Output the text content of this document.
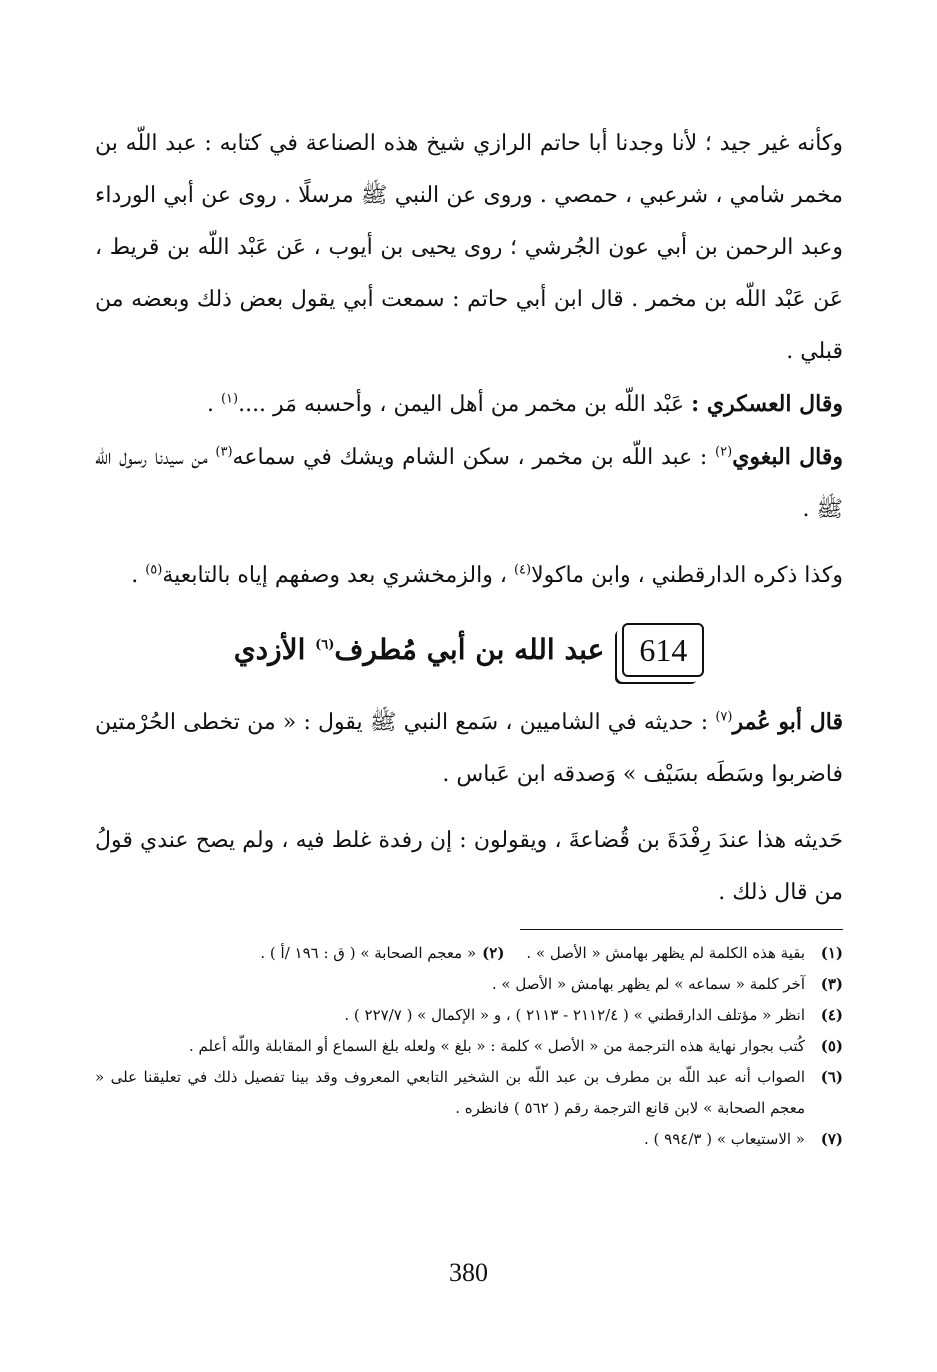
وكأنه غير جيد ؛ لأنا وجدنا أبا حاتم الرازي شيخ هذه الصناعة في كتابه : عبد اللّه بن مخمر شامي ، شرعبي ، حمصي . وروى عن النبي ﷺ مرسلًا . روى عن أبي الورداء وعبد الرحمن بن أبي عون الجُرشي ؛ روى يحيى بن أيوب ، عَن عَبْد اللّه بن قريط ، عَن عَبْد اللّه بن مخمر . قال ابن أبي حاتم : سمعت أبي يقول بعض ذلك وبعضه من قبلي .

وقال العسكري : عَبْد اللّه بن مخمر من أهل اليمن ، وأحسبه مَر ....$^{(١)}$ .

وقال البغوي$^{(٢)}$ : عبد اللّه بن مخمر ، سكن الشام ويشك في سماعه$^{(٣)}$ من سيدنا رسول اللّه ﷺ .

وكذا ذكره الدارقطني ، وابن ماكولا$^{(٤)}$ ، والزمخشري بعد وصفهم إياه بالتابعية$^{(٥)}$ .

614
عبد الله بن أبي مُطرف$^{(٦)}$ الأزدي

قال أبو عُمر$^{(٧)}$ : حديثه في الشاميين ، سَمع النبي ﷺ يقول : « من تخطى الحُرْمتين فاضربوا وسَطَه بسَيْف » وَصدقه ابن عَباس .

حَديثه هذا عندَ رِفْدَةَ بن قُضاعةَ ، ويقولون : إن رفدة غلط فيه ، ولم يصح عندي قولُ من قال ذلك .

(١)
بقية هذه الكلمة لم يظهر بهامش « الأصل » .(٢)« معجم الصحابة » ( ق : ١٩٦ /أ ) .
(٣)
آخر كلمة « سماعه » لم يظهر بهامش « الأصل » .
(٤)
انظر « مؤتلف الدارقطني » ( ٢١١٢/٤ - ٢١١٣ ) ، و « الإكمال » ( ٢٢٧/٧ ) .
(٥)
كُتب بجوار نهاية هذه الترجمة من « الأصل » كلمة : « بلغ » ولعله بلغ السماع أو المقابلة واللّه أعلم .
(٦)
الصواب أنه عبد اللّه بن مطرف بن عبد اللّه بن الشخير التابعي المعروف وقد بينا تفصيل ذلك في تعليقنا على « معجم الصحابة » لابن قانع الترجمة رقم ( ٥٦٢ ) فانظره .
(٧)
« الاستيعاب » ( ٩٩٤/٣ ) .
380
